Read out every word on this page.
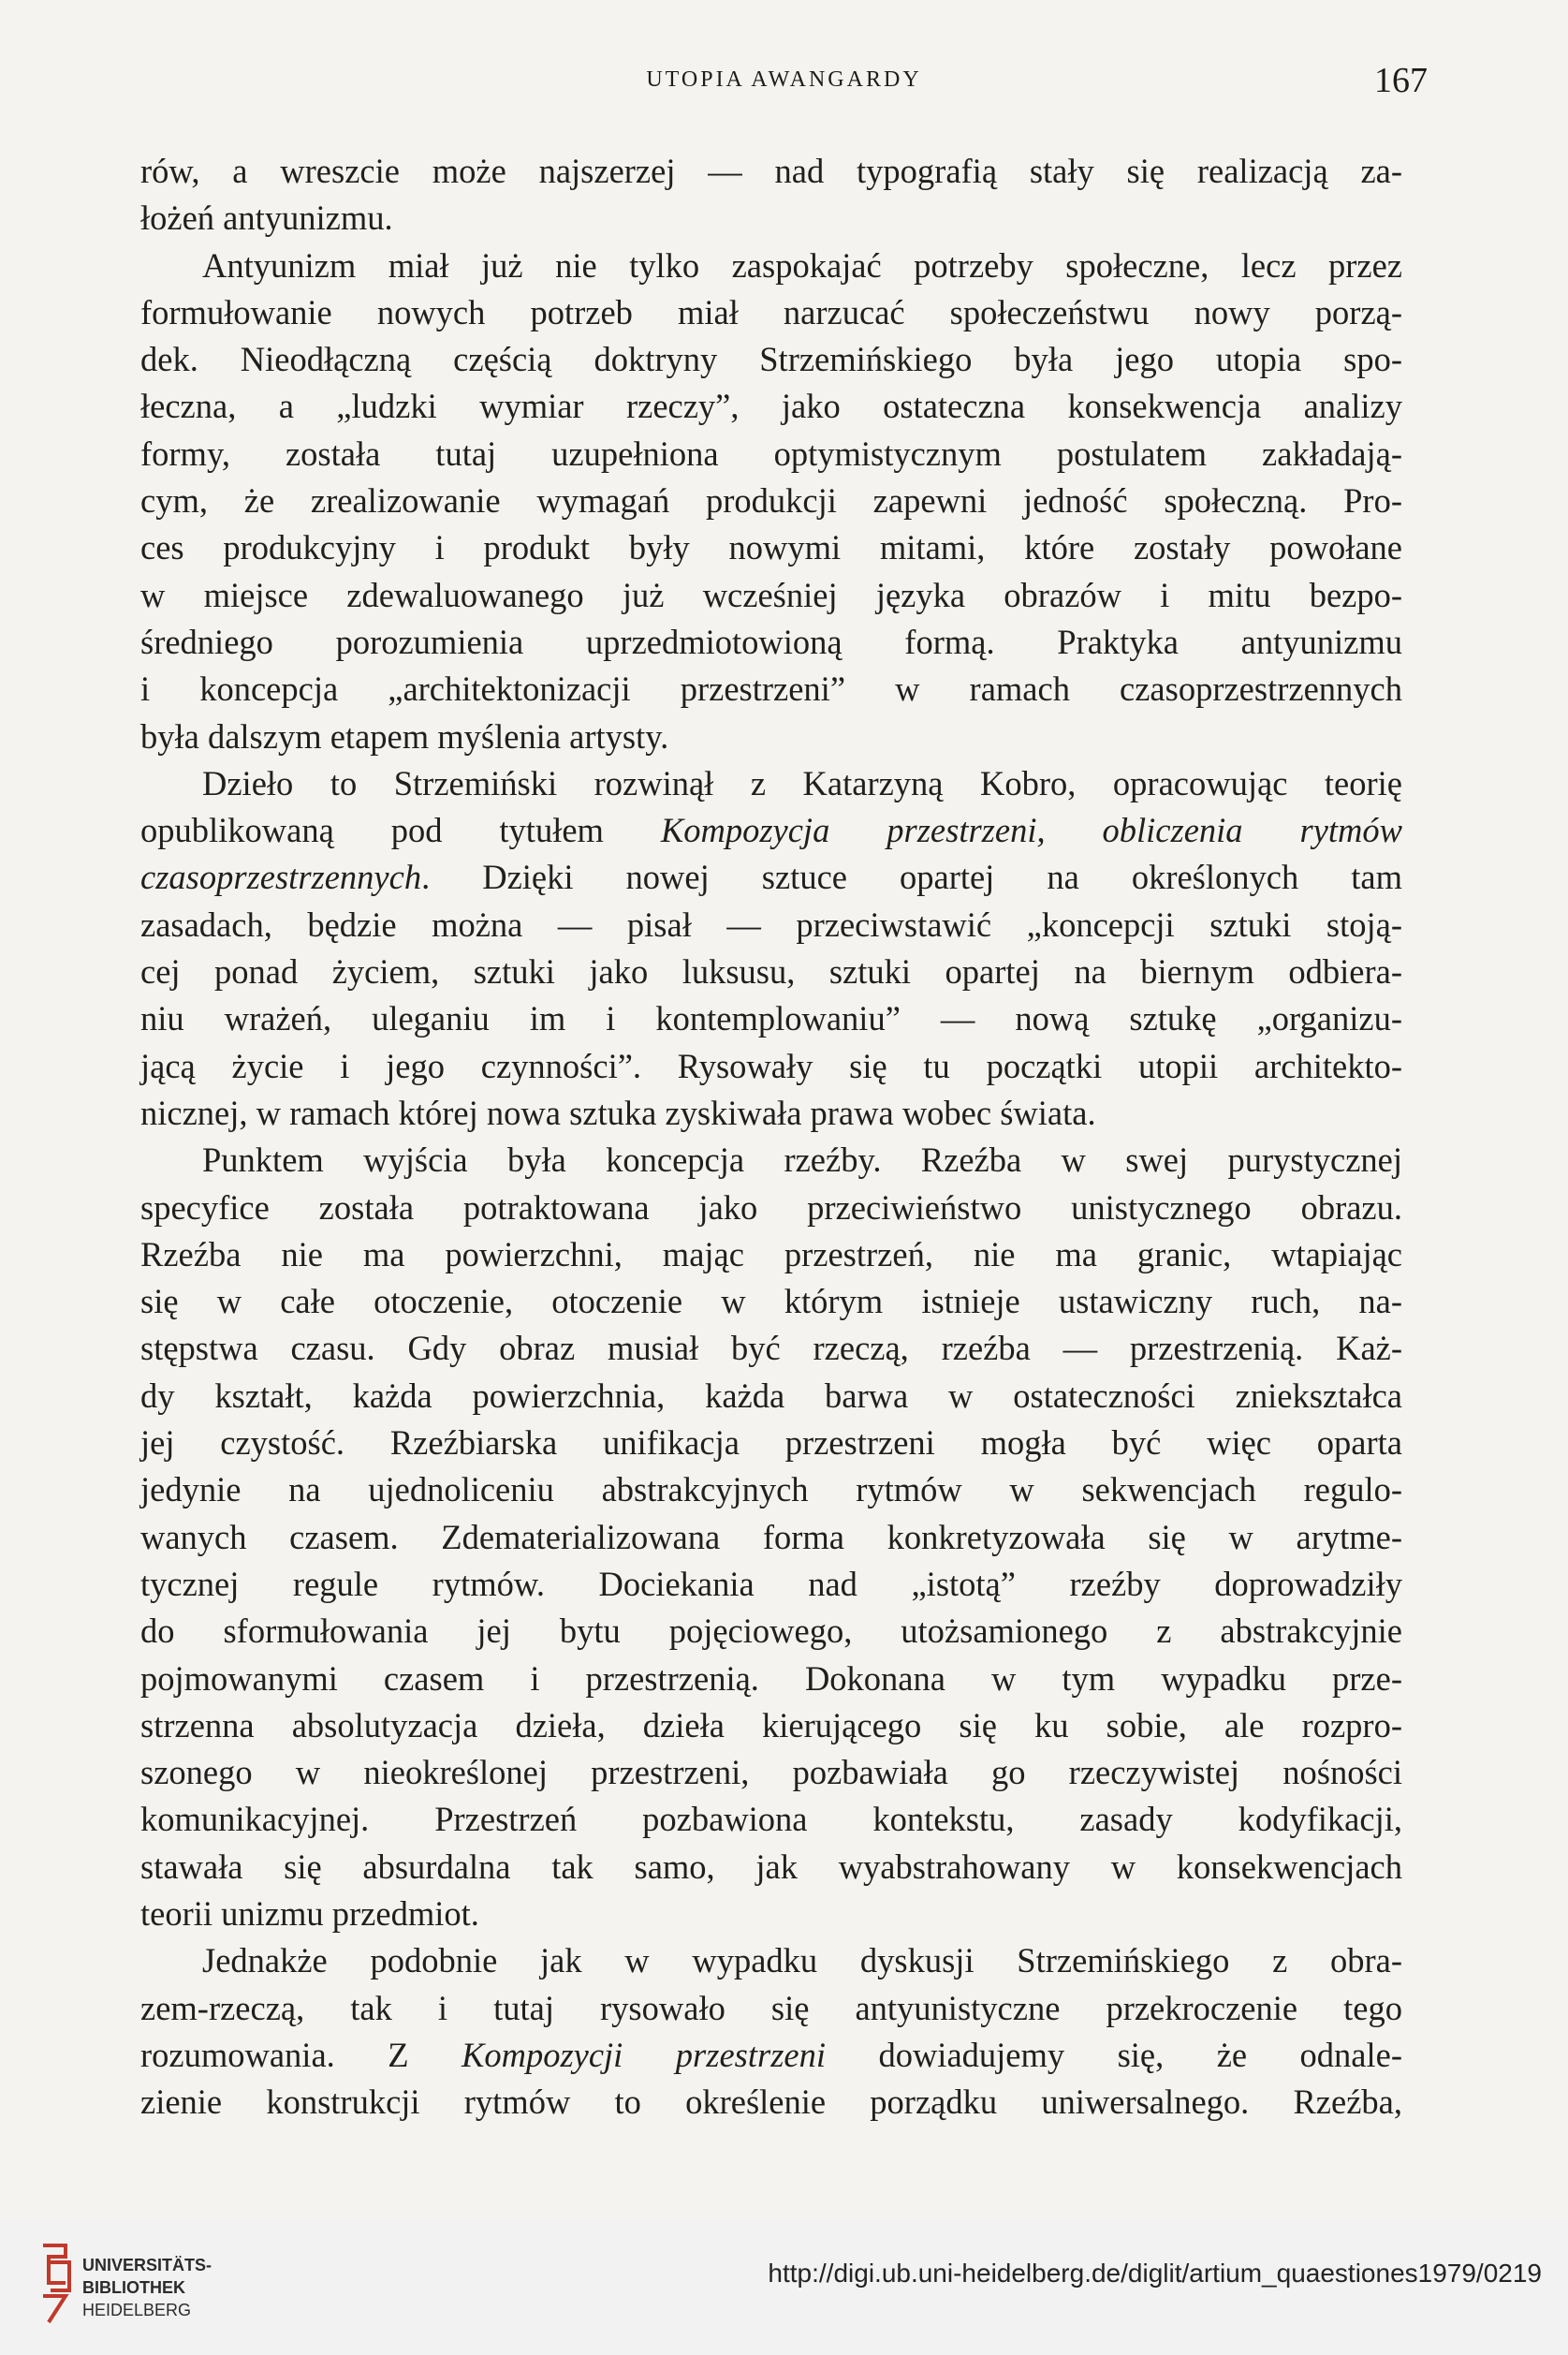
UTOPIA AWANGARDY	167

rów, a wreszcie może najszerzej — nad typografią stały się realizacją za-
łożeń antyunizmu.

Antyunizm miał już nie tylko zaspokajać potrzeby społeczne, lecz przez
formułowanie nowych potrzeb miał narzucać społeczeństwu nowy porzą-
dek. Nieodłączną częścią doktryny Strzemińskiego była jego utopia spo-
łeczna, a „ludzki wymiar rzeczy”, jako ostateczna konsekwencja analizy
formy, została tutaj uzupełniona optymistycznym postulatem zakładają-
cym, że zrealizowanie wymagań produkcji zapewni jedność społeczną. Pro-
ces produkcyjny i produkt były nowymi mitami, które zostały powołane
w miejsce zdewaluowanego już wcześniej języka obrazów i mitu bezpo-
średniego porozumienia uprzedmiotowioną formą. Praktyka antyunizmu
i koncepcja „architektonizacji przestrzeni” w ramach czasoprzestrzennych
była dalszym etapem myślenia artysty.

Dzieło to Strzemiński rozwinął z Katarzyną Kobro, opracowując teorię
opublikowaną pod tytułem Kompozycja przestrzeni, obliczenia rytmów
czasoprzestrzennych. Dzięki nowej sztuce opartej na określonych tam
zasadach, będzie można — pisał — przeciwstawić „koncepcji sztuki stoją-
cej ponad życiem, sztuki jako luksusu, sztuki opartej na biernym odbiera-
niu wrażeń, uleganiu im i kontemplowaniu” — nową sztukę „organizu-
jącą życie i jego czynności”. Rysowały się tu początki utopii architekto-
nicznej, w ramach której nowa sztuka zyskiwała prawa wobec świata.

Punktem wyjścia była koncepcja rzeźby. Rzeźba w swej purystycznej
specyfice została potraktowana jako przeciwieństwo unistycznego obrazu.
Rzeźba nie ma powierzchni, mając przestrzeń, nie ma granic, wtapiając
się w całe otoczenie, otoczenie w którym istnieje ustawiczny ruch, na-
stępstwa czasu. Gdy obraz musiał być rzeczą, rzeźba — przestrzenią. Każ-
dy kształt, każda powierzchnia, każda barwa w ostateczności zniekształca
jej czystość. Rzeźbiarska unifikacja przestrzeni mogła być więc oparta
jedynie na ujednoliceniu abstrakcyjnych rytmów w sekwencjach regulo-
wanych czasem. Zdematerializowana forma konkretyzowała się w arytme-
tycznej regule rytmów. Dociekania nad „istotą” rzeźby doprowadziły
do sformułowania jej bytu pojęciowego, utożsamionego z abstrakcyjnie
pojmowanymi czasem i przestrzenią. Dokonana w tym wypadku prze-
strzenna absolutyzacja dzieła, dzieła kierującego się ku sobie, ale rozpro-
szonego w nieokreślonej przestrzeni, pozbawiała go rzeczywistej nośności
komunikacyjnej. Przestrzeń pozbawiona kontekstu, zasady kodyfikacji,
stawała się absurdalna tak samo, jak wyabstrahowany w konsekwencjach
teorii unizmu przedmiot.

Jednakże podobnie jak w wypadku dyskusji Strzemińskiego z obra-
zem-rzeczą, tak i tutaj rysowało się antyunistyczne przekroczenie tego
rozumowania. Z Kompozycji przestrzeni dowiadujemy się, że odnale-
zienie konstrukcji rytmów to określenie porządku uniwersalnego. Rzeźba,

UNIVERSITÄTS-
BIBLIOTHEK
HEIDELBERG
http://digi.ub.uni-heidelberg.de/diglit/artium_quaestiones1979/0219
